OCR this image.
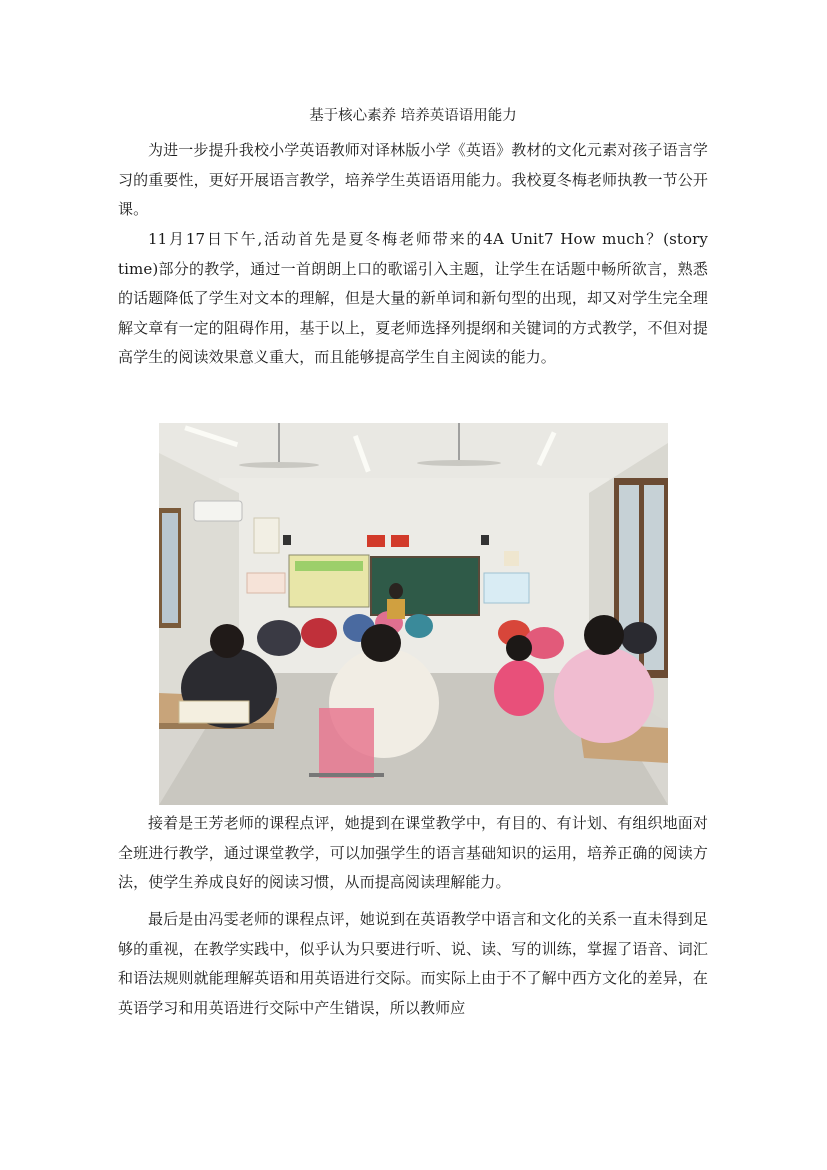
基于核心素养 培养英语语用能力

为进一步提升我校小学英语教师对译林版小学《英语》教材的文化元素对孩子语言学习的重要性，更好开展语言教学，培养学生英语语用能力。我校夏冬梅老师执教一节公开课。

11月17日下午,活动首先是夏冬梅老师带来的4A Unit7 How much？(story time)部分的教学，通过一首朗朗上口的歌谣引入主题，让学生在话题中畅所欲言，熟悉的话题降低了学生对文本的理解，但是大量的新单词和新句型的出现，却又对学生完全理解文章有一定的阻碍作用，基于以上，夏老师选择列提纲和关键词的方式教学，不但对提高学生的阅读效果意义重大，而且能够提高学生自主阅读的能力。

接着是王芳老师的课程点评，她提到在课堂教学中，有目的、有计划、有组织地面对全班进行教学，通过课堂教学，可以加强学生的语言基础知识的运用，培养正确的阅读方法，使学生养成良好的阅读习惯，从而提高阅读理解能力。

最后是由冯雯老师的课程点评，她说到在英语教学中语言和文化的关系一直未得到足够的重视，在教学实践中，似乎认为只要进行听、说、读、写的训练，掌握了语音、词汇和语法规则就能理解英语和用英语进行交际。而实际上由于不了解中西方文化的差异，在英语学习和用英语进行交际中产生错误，所以教师应
